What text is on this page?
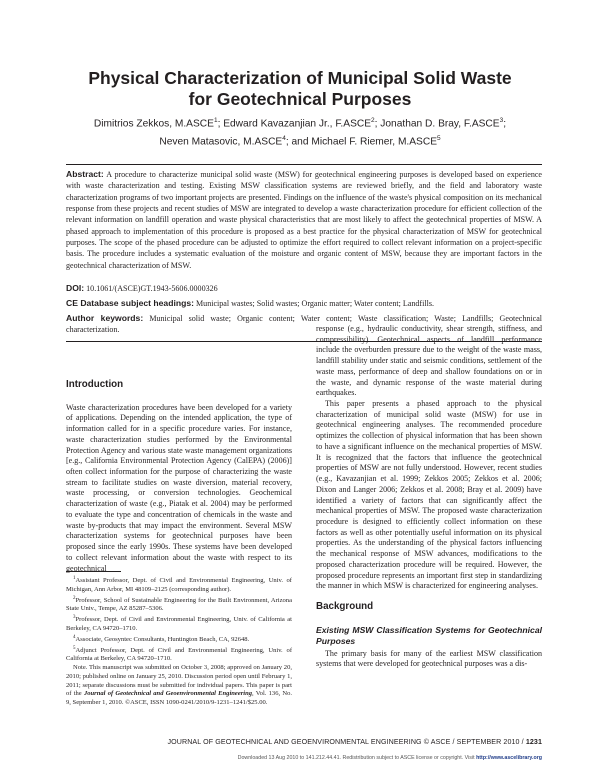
Physical Characterization of Municipal Solid Waste
for Geotechnical Purposes
Dimitrios Zekkos, M.ASCE$^1$; Edward Kavazanjian Jr., F.ASCE$^2$; Jonathan D. Bray, F.ASCE$^3$;
Neven Matasovic, M.ASCE$^4$; and Michael F. Riemer, M.ASCE$^5$
Abstract: A procedure to characterize municipal solid waste (MSW) for geotechnical engineering purposes is developed based on experience with waste characterization and testing. Existing MSW classification systems are reviewed briefly, and the field and laboratory waste characterization programs of two important projects are presented. Findings on the influence of the waste's physical composition on its mechanical response from these projects and recent studies of MSW are integrated to develop a waste characterization procedure for efficient collection of the relevant information on landfill operation and waste physical characteristics that are most likely to affect the geotechnical properties of MSW. A phased approach to implementation of this procedure is proposed as a best practice for the physical characterization of MSW for geotechnical purposes. The scope of the phased procedure can be adjusted to optimize the effort required to collect relevant information on a project-specific basis. The procedure includes a systematic evaluation of the moisture and organic content of MSW, because they are important factors in the geotechnical characterization of MSW.
DOI: 10.1061/(ASCE)GT.1943-5606.0000326
CE Database subject headings: Municipal wastes; Solid wastes; Organic matter; Water content; Landfills.
Author keywords: Municipal solid waste; Organic content; Water content; Waste classification; Waste; Landfills; Geotechnical characterization.
Introduction

Waste characterization procedures have been developed for a variety of applications. Depending on the intended application, the type of information called for in a specific procedure varies. For instance, waste characterization studies performed by the Environmental Protection Agency and various state waste management organizations [e.g., California Environmental Protection Agency (CalEPA) (2006)] often collect information for the purpose of characterizing the waste stream to facilitate studies on waste diversion, material recovery, waste processing, or conversion technologies. Geochemical characterization of waste (e.g., Piatak et al. 2004) may be performed to evaluate the type and concentration of chemicals in the waste and waste by-products that may impact the environment. Several MSW characterization systems for geotechnical purposes have been proposed since the early 1990s. These systems have been developed to collect relevant information about the waste with respect to its geotechnical

$^1$Assistant Professor, Dept. of Civil and Environmental Engineering, Univ. of Michigan, Ann Arbor, MI 48109–2125 (corresponding author).

$^2$Professor, School of Sustainable Engineering for the Built Environment, Arizona State Univ., Tempe, AZ 85287–5306.

$^3$Professor, Dept. of Civil and Environmental Engineering, Univ. of California at Berkeley, CA 94720–1710.

$^4$Associate, Geosyntec Consultants, Huntington Beach, CA, 92648.

$^5$Adjunct Professor, Dept. of Civil and Environmental Engineering, Univ. of California at Berkeley, CA 94720–1710.

Note. This manuscript was submitted on October 3, 2008; approved on January 20, 2010; published online on January 25, 2010. Discussion period open until February 1, 2011; separate discussions must be submitted for individual papers. This paper is part of the Journal of Geotechnical and Geoenvironmental Engineering, Vol. 136, No. 9, September 1, 2010. ©ASCE, ISSN 1090-0241/2010/9-1231–1241/$25.00.

response (e.g., hydraulic conductivity, shear strength, stiffness, and compressibility). Geotechnical aspects of landfill performance include the overburden pressure due to the weight of the waste mass, landfill stability under static and seismic conditions, settlement of the waste mass, performance of deep and shallow foundations on or in the waste, and dynamic response of the waste material during earthquakes.

This paper presents a phased approach to the physical characterization of municipal solid waste (MSW) for use in geotechnical engineering analyses. The recommended procedure optimizes the collection of physical information that has been shown to have a significant influence on the mechanical properties of MSW. It is recognized that the factors that influence the geotechnical properties of MSW are not fully understood. However, recent studies (e.g., Kavazanjian et al. 1999; Zekkos 2005; Zekkos et al. 2006; Dixon and Langer 2006; Zekkos et al. 2008; Bray et al. 2009) have identified a variety of factors that can significantly affect the mechanical properties of MSW. The proposed waste characterization procedure is designed to efficiently collect information on these factors as well as other potentially useful information on its physical properties. As the understanding of the physical factors influencing the mechanical response of MSW advances, modifications to the proposed characterization procedure will be required. However, the proposed procedure represents an important first step in standardizing the manner in which MSW is characterized for engineering analyses.

Background
Existing MSW Classification Systems for Geotechnical Purposes

The primary basis for many of the earliest MSW classification systems that were developed for geotechnical purposes was a dis-

JOURNAL OF GEOTECHNICAL AND GEOENVIRONMENTAL ENGINEERING © ASCE / SEPTEMBER 2010 / 1231
Downloaded 13 Aug 2010 to 141.212.44.41. Redistribution subject to ASCE license or copyright. Visit http://www.ascelibrary.org
